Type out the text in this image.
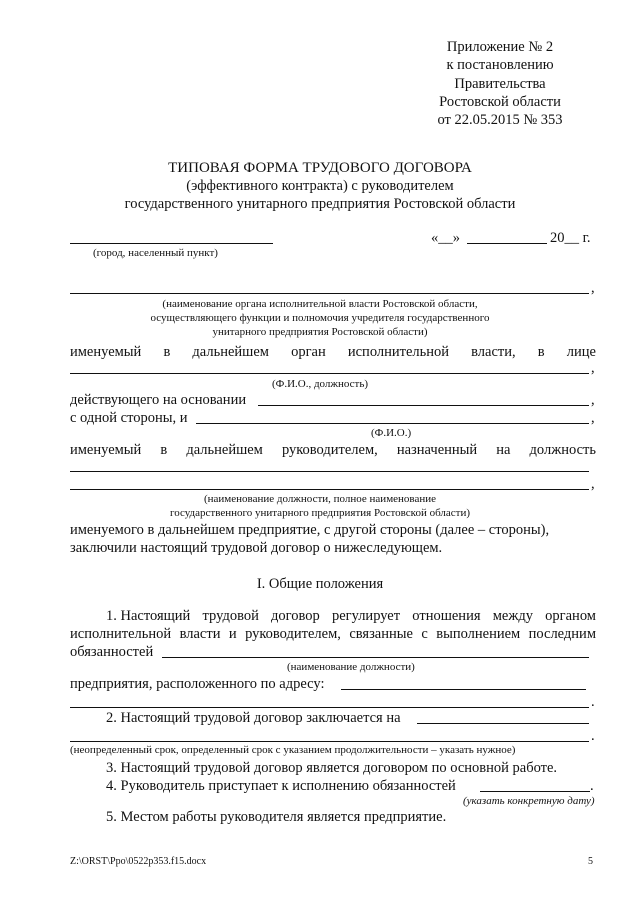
Приложение № 2
к постановлению
Правительства
Ростовской области
от 22.05.2015 № 353
ТИПОВАЯ ФОРМА ТРУДОВОГО ДОГОВОРА
(эффективного контракта) с руководителем
государственного унитарного предприятия Ростовской области
(город, населенный пункт)
«__»	20__ г.
,
(наименование органа исполнительной власти Ростовской области,
осуществляющего функции и полномочия учредителя государственного
унитарного предприятия Ростовской области)
именуемый в дальнейшем орган исполнительной власти, в лице
,
(Ф.И.О., должность)
действующего на основании	,
с одной стороны, и	,
(Ф.И.О.)
именуемый в дальнейшем руководителем, назначенный на должность
,
(наименование должности, полное наименование
государственного унитарного предприятия Ростовской области)
именуемого в дальнейшем предприятие, с другой стороны (далее – стороны),
заключили настоящий трудовой договор о нижеследующем.
I. Общие положения
1. Настоящий трудовой договор регулирует отношения между органом
исполнительной власти и руководителем, связанные с выполнением последним
обязанностей
(наименование должности)
предприятия, расположенного по адресу:
.
2. Настоящий трудовой договор заключается на
.
(неопределенный срок, определенный срок с указанием продолжительности – указать нужное)
3. Настоящий трудовой договор является договором по основной работе.
4. Руководитель приступает к исполнению обязанностей	.
(указать конкретную дату)
5. Местом работы руководителя является предприятие.
Z:\ORST\Ppo\0522p353.f15.docx	5
